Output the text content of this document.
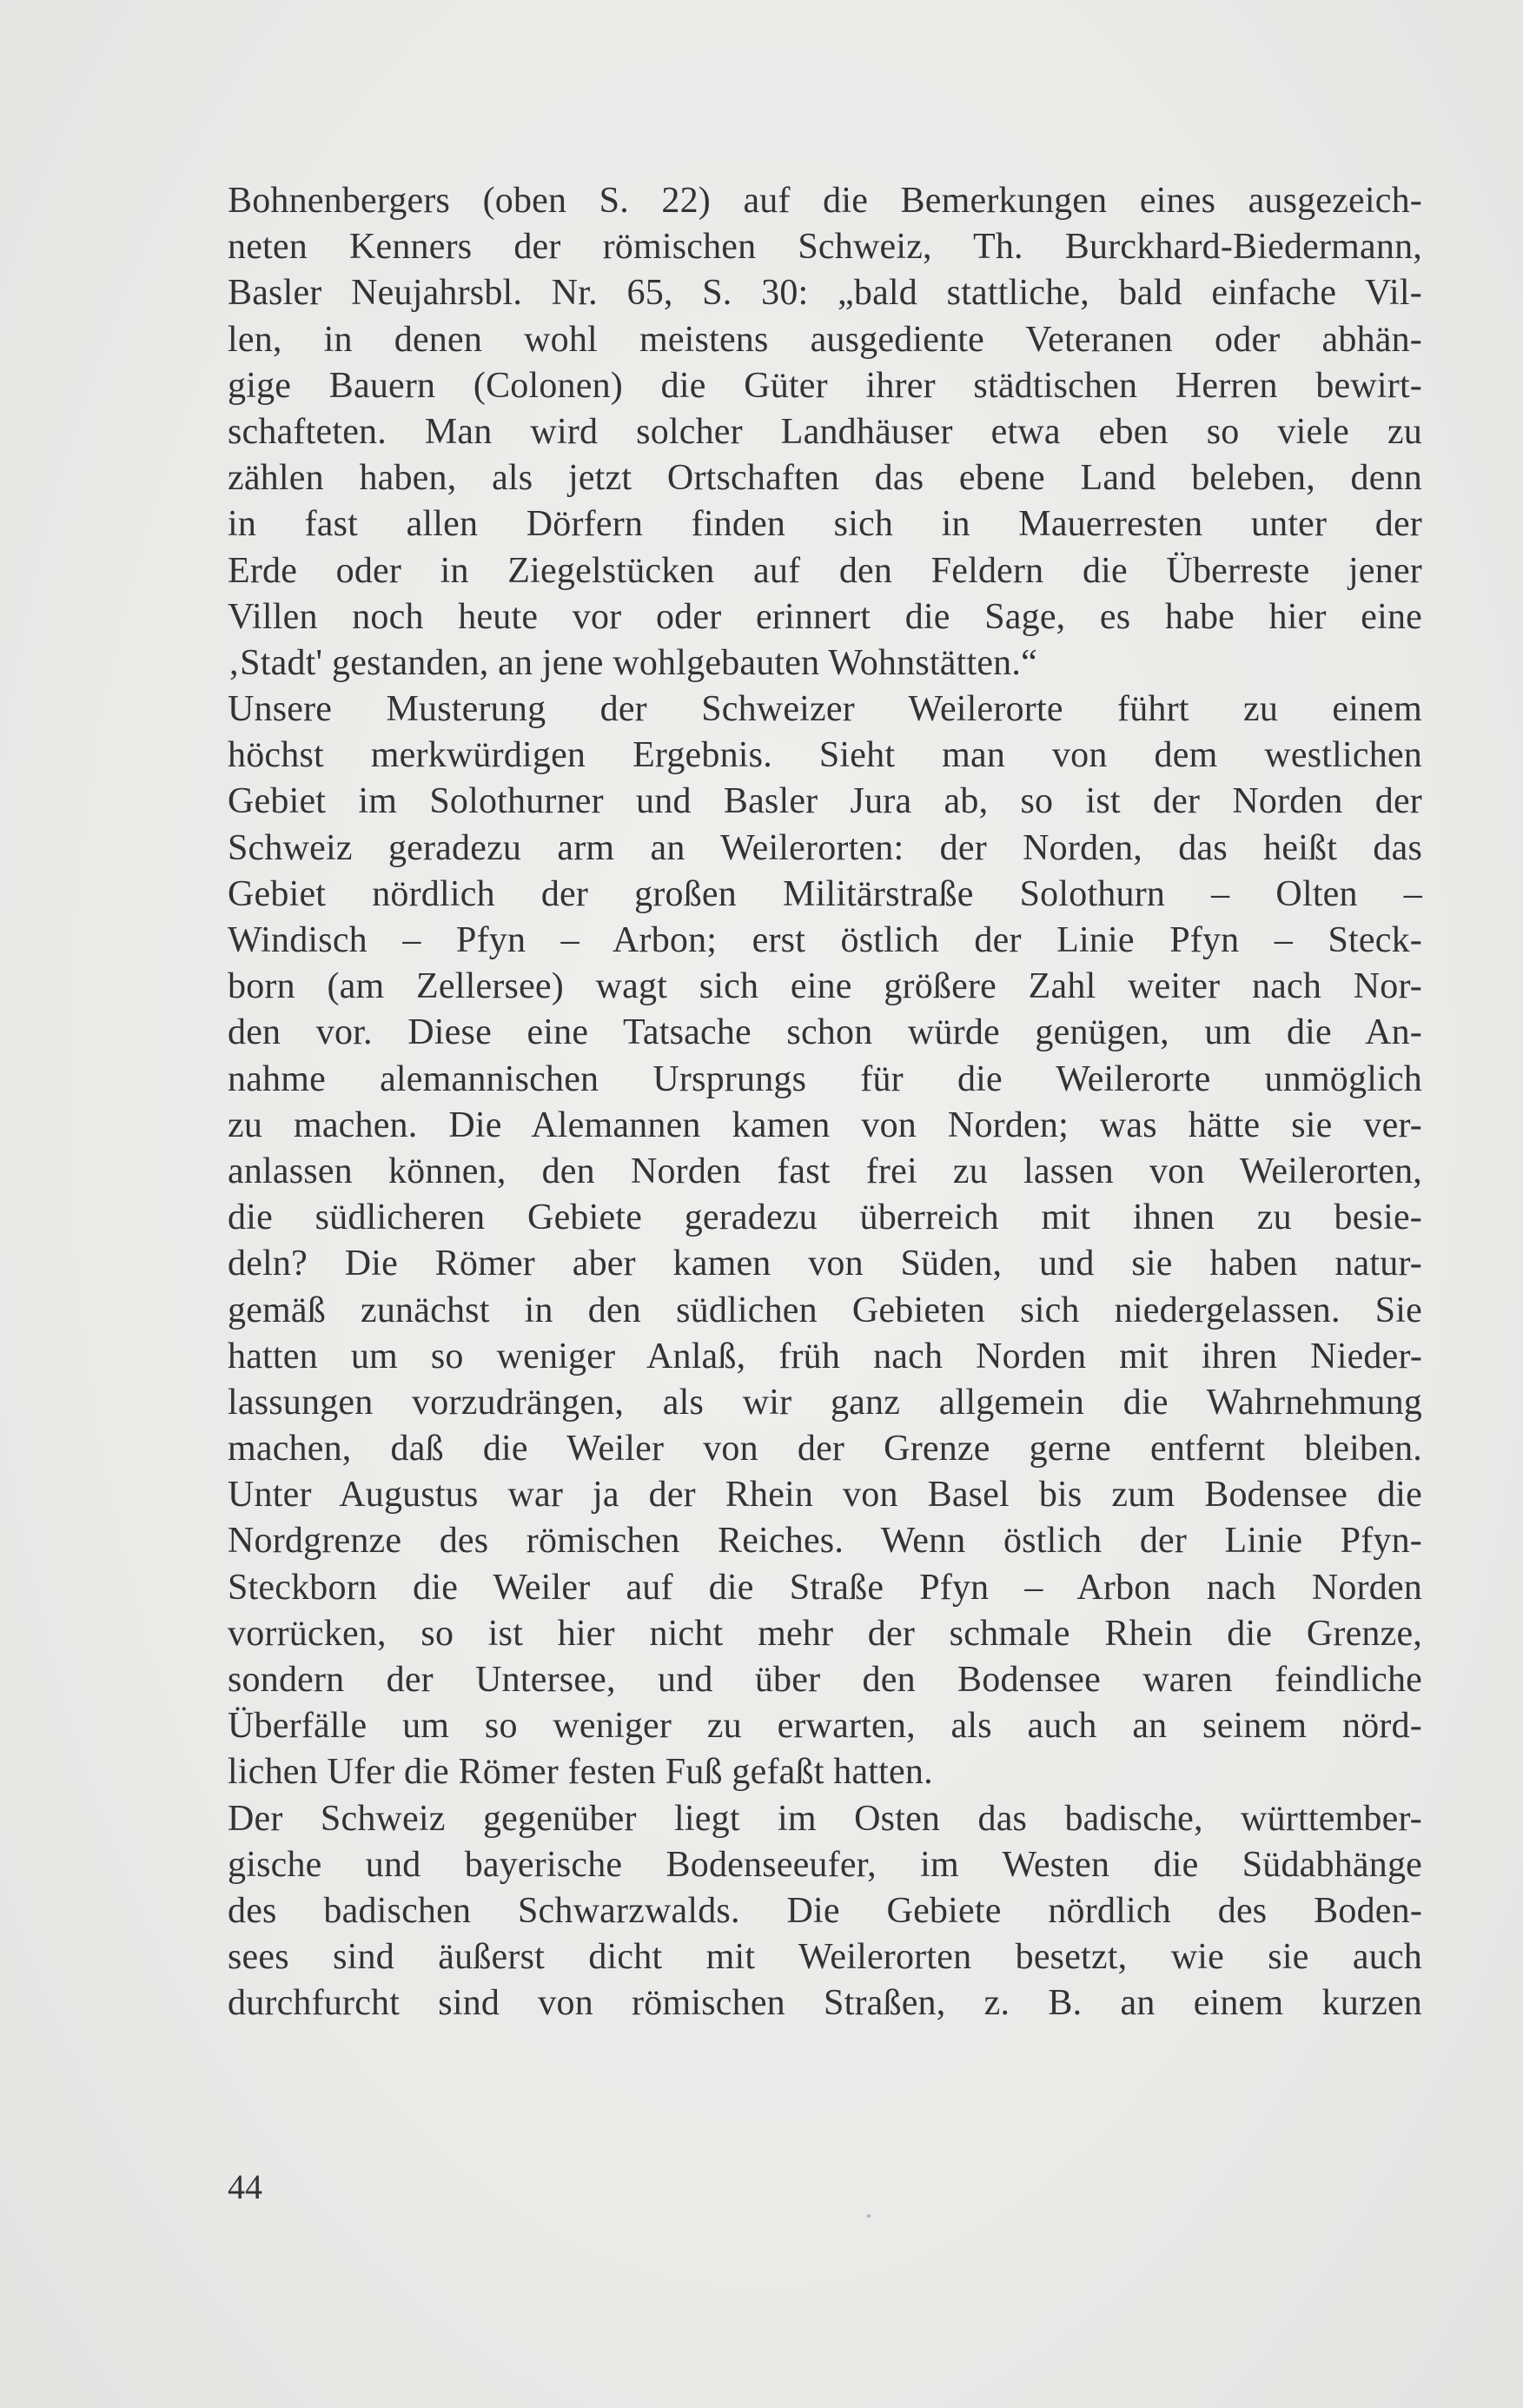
Bohnenbergers (oben S. 22) auf die Bemerkungen eines ausgezeich-
neten Kenners der römischen Schweiz, Th. Burckhard-Biedermann,
Basler Neujahrsbl. Nr. 65, S. 30: „bald stattliche, bald einfache Vil-
len, in denen wohl meistens ausgediente Veteranen oder abhän-
gige Bauern (Colonen) die Güter ihrer städtischen Herren bewirt-
schafteten. Man wird solcher Landhäuser etwa eben so viele zu
zählen haben, als jetzt Ortschaften das ebene Land beleben, denn
in fast allen Dörfern finden sich in Mauerresten unter der
Erde oder in Ziegelstücken auf den Feldern die Überreste jener
Villen noch heute vor oder erinnert die Sage, es habe hier eine
‚Stadt' gestanden, an jene wohlgebauten Wohnstätten.“
Unsere Musterung der Schweizer Weilerorte führt zu einem
höchst merkwürdigen Ergebnis. Sieht man von dem westlichen
Gebiet im Solothurner und Basler Jura ab, so ist der Norden der
Schweiz geradezu arm an Weilerorten: der Norden, das heißt das
Gebiet nördlich der großen Militärstraße Solothurn – Olten –
Windisch – Pfyn – Arbon; erst östlich der Linie Pfyn – Steck-
born (am Zellersee) wagt sich eine größere Zahl weiter nach Nor-
den vor. Diese eine Tatsache schon würde genügen, um die An-
nahme alemannischen Ursprungs für die Weilerorte unmöglich
zu machen. Die Alemannen kamen von Norden; was hätte sie ver-
anlassen können, den Norden fast frei zu lassen von Weilerorten,
die südlicheren Gebiete geradezu überreich mit ihnen zu besie-
deln? Die Römer aber kamen von Süden, und sie haben natur-
gemäß zunächst in den südlichen Gebieten sich niedergelassen. Sie
hatten um so weniger Anlaß, früh nach Norden mit ihren Nieder-
lassungen vorzudrängen, als wir ganz allgemein die Wahrnehmung
machen, daß die Weiler von der Grenze gerne entfernt bleiben.
Unter Augustus war ja der Rhein von Basel bis zum Bodensee die
Nordgrenze des römischen Reiches. Wenn östlich der Linie Pfyn-
Steckborn die Weiler auf die Straße Pfyn – Arbon nach Norden
vorrücken, so ist hier nicht mehr der schmale Rhein die Grenze,
sondern der Untersee, und über den Bodensee waren feindliche
Überfälle um so weniger zu erwarten, als auch an seinem nörd-
lichen Ufer die Römer festen Fuß gefaßt hatten.
Der Schweiz gegenüber liegt im Osten das badische, württember-
gische und bayerische Bodenseeufer, im Westen die Südabhänge
des badischen Schwarzwalds. Die Gebiete nördlich des Boden-
sees sind äußerst dicht mit Weilerorten besetzt, wie sie auch
durchfurcht sind von römischen Straßen, z. B. an einem kurzen
44
